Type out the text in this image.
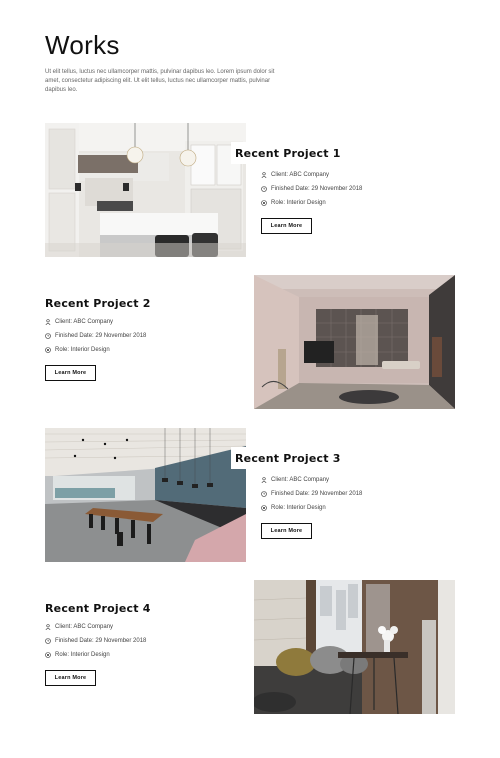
Works

Ut elit tellus, luctus nec ullamcorper mattis, pulvinar dapibus leo. Lorem ipsum dolor sit amet, consectetur adipiscing elit. Ut elit tellus, luctus nec ullamcorper mattis, pulvinar dapibus leo.

Recent Project 1
Client: ABC Company
Finished Date: 29 November 2018
Role: Interior Design
Learn More
Recent Project 2
Client: ABC Company
Finished Date: 29 November 2018
Role: Interior Design
Learn More
Recent Project 3
Client: ABC Company
Finished Date: 29 November 2018
Role: Interior Design
Learn More
Recent Project 4
Client: ABC Company
Finished Date: 29 November 2018
Role: Interior Design
Learn More
